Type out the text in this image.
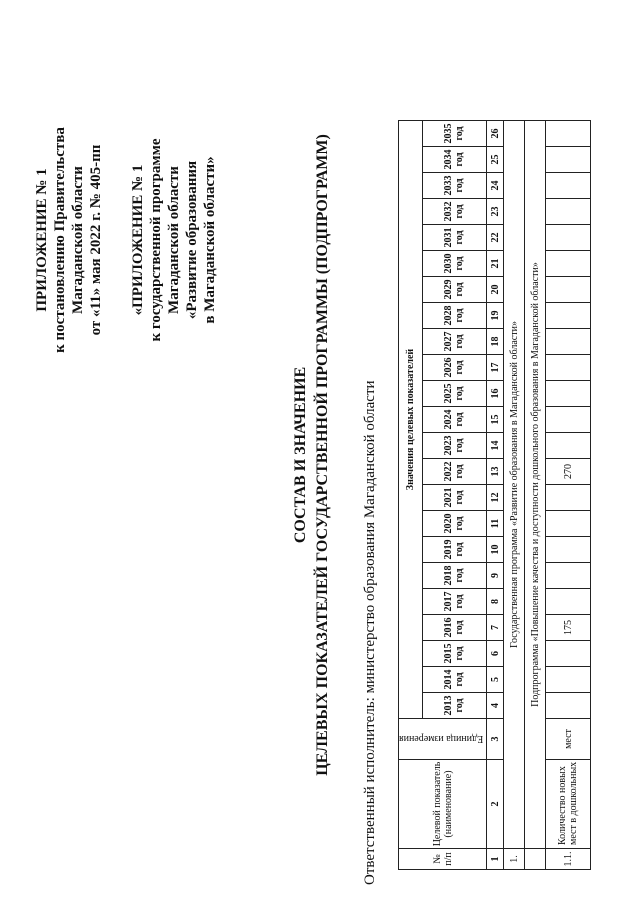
ПРИЛОЖЕНИЕ № 1 к постановлению Правительства Магаданской области от «11» мая 2022 г. № 405-пп «ПРИЛОЖЕНИЕ № 1 к государственной программе Магаданской области «Развитие образования в Магаданской области»
СОСТАВ И ЗНАЧЕНИЕ ЦЕЛЕВЫХ ПОКАЗАТЕЛЕЙ ГОСУДАРСТВЕННОЙ ПРОГРАММЫ (ПОДПРОГРАММ) Ответственный исполнитель: министерство образования Магаданской области	№ п/п	Целевой показатель (наименование)	Единица измерения	Значения целевых показателей																						
			2013 год	2014 год	2015 год	2016 год	2017 год	2018 год	2019 год	2020 год	2021 год	2022 год	2023 год	2024 год	2025 год	2026 год	2027 год	2028 год	2029 год	2030 год	2031 год	2032 год	2033 год	2034 год	2035 год
1	2	3	4	5	6	7	8	9	10	11	12	13	14	15	16	17	18	19	20	21	22	23	24	25	26
1.	Государственная программа «Развитие образования в Магаданской области»																								
	Подпрограмма «Повышение качества и доступности дошкольного образования в Магаданской области»																								
1.1.	Количество новых мест в дошкольных	мест				175						270													
